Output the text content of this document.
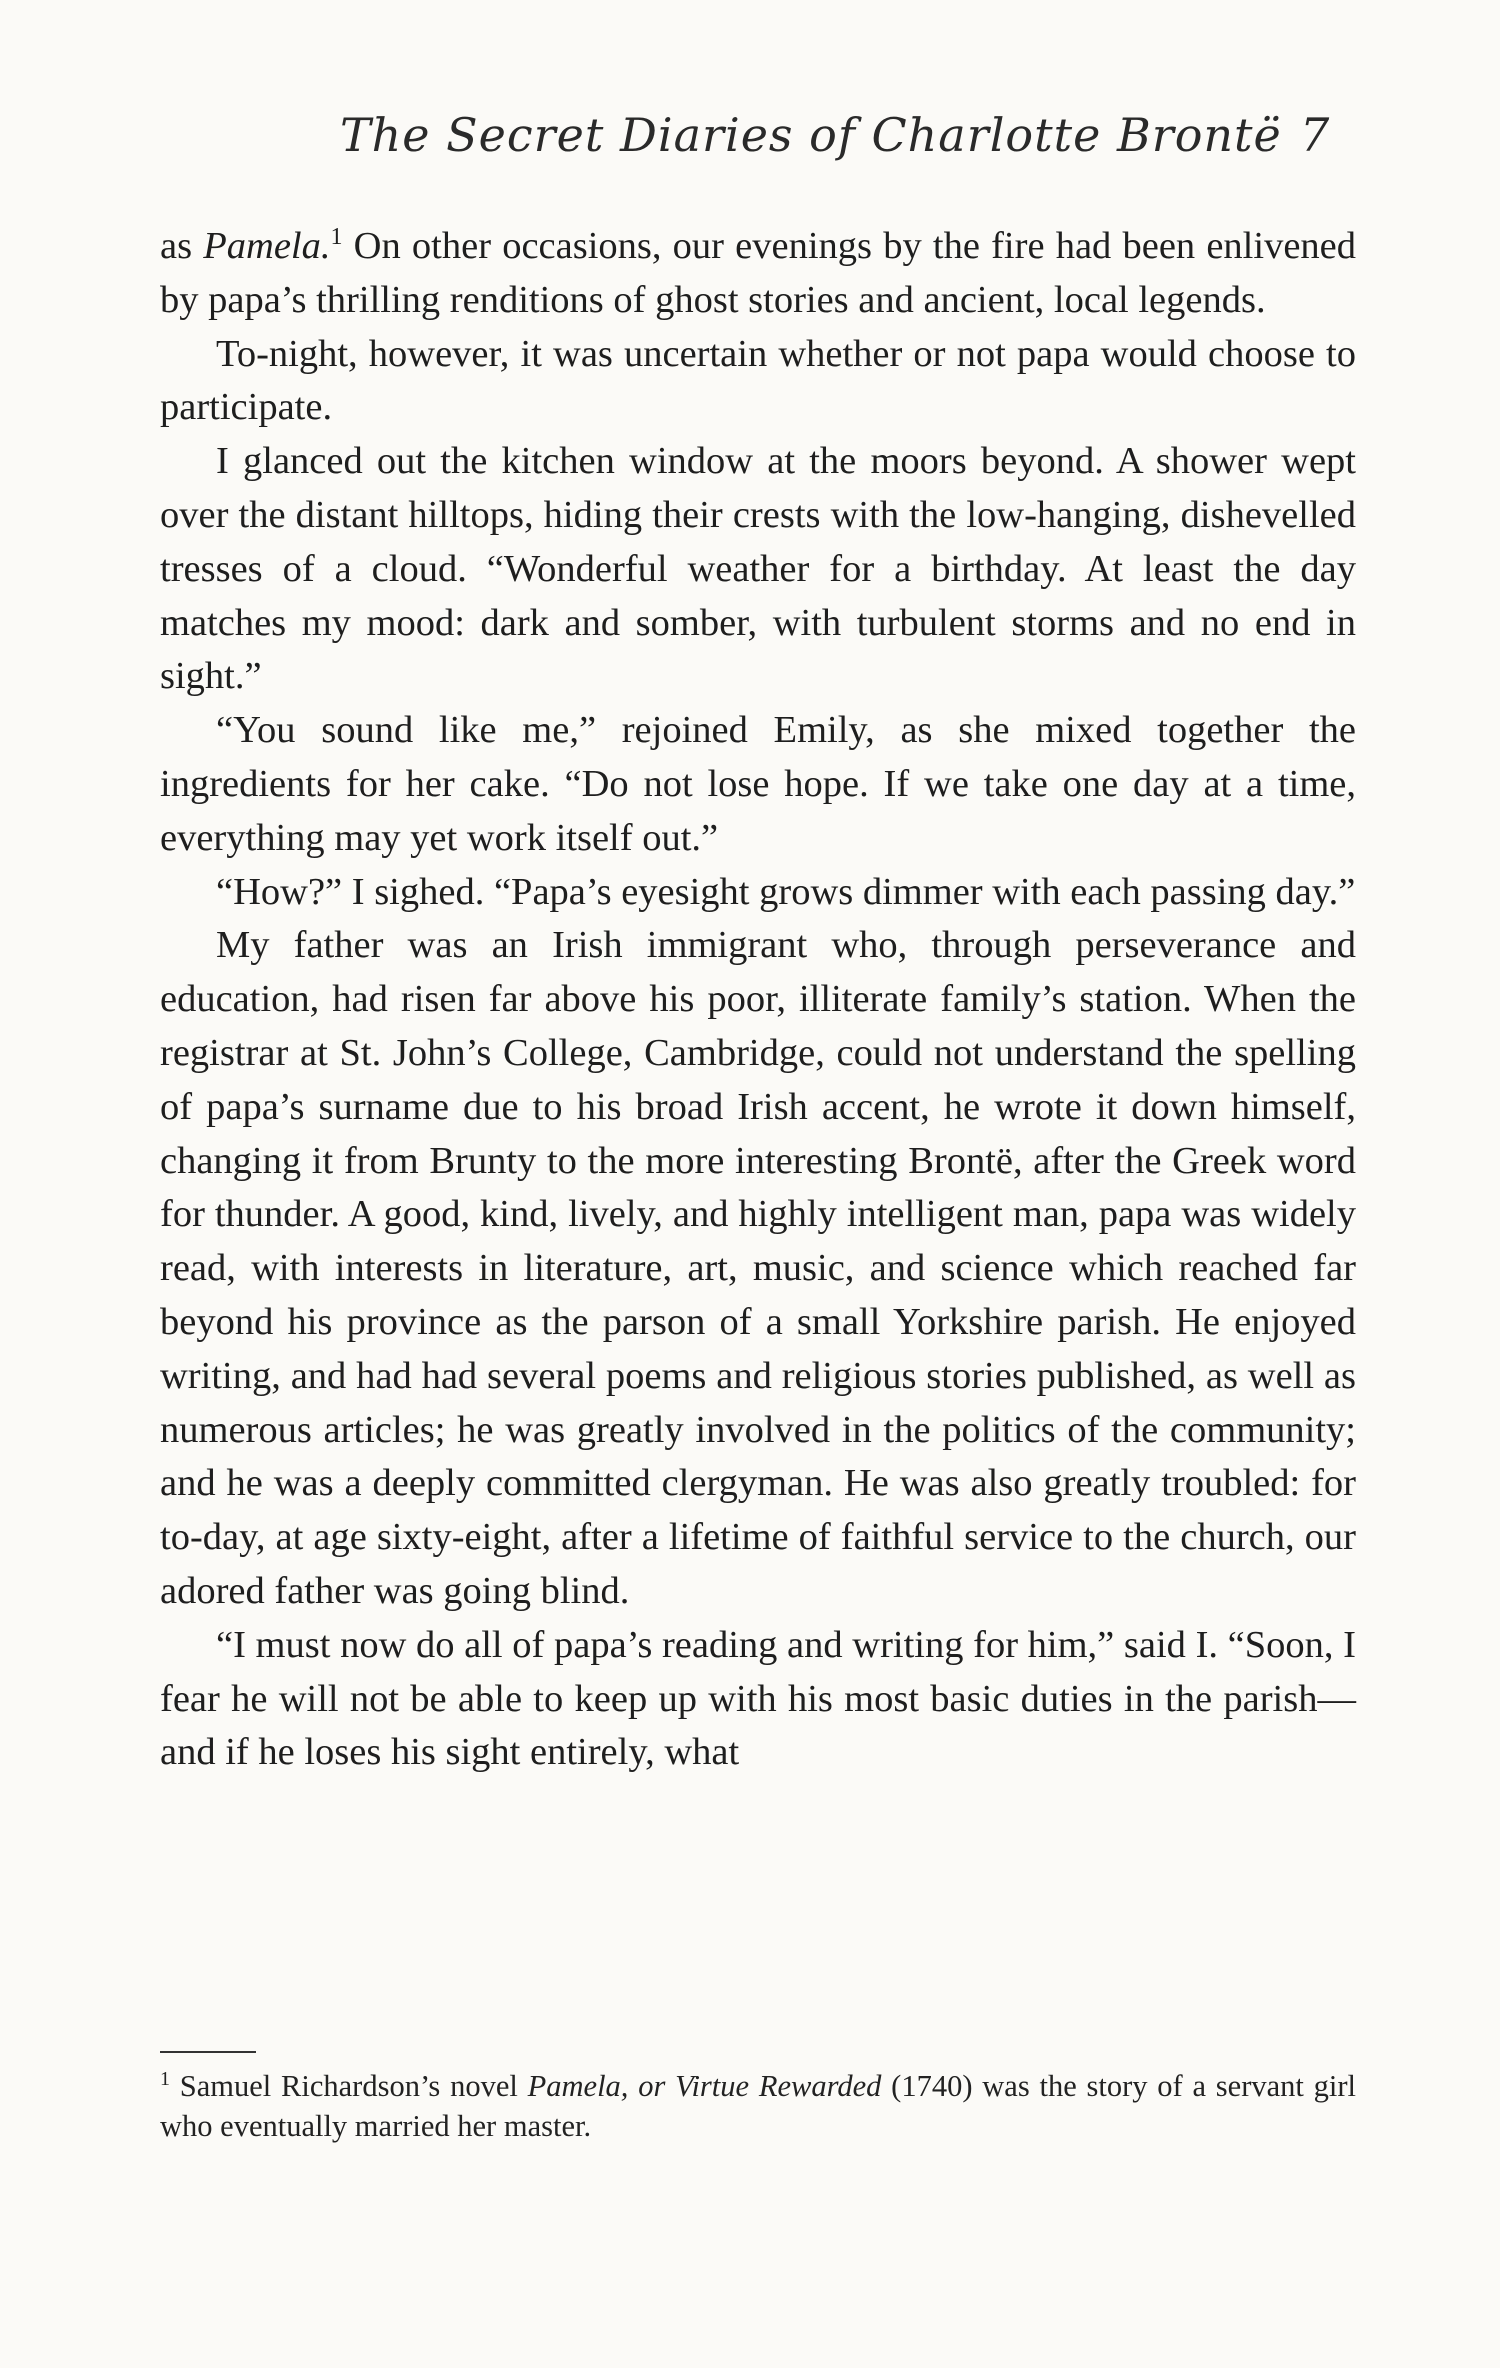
The Secret Diaries of Charlotte Brontë 7

as Pamela.$^1$ On other occasions, our evenings by the fire had been enlivened by papa’s thrilling renditions of ghost stories and ancient, local legends.

To-night, however, it was uncertain whether or not papa would choose to participate.

I glanced out the kitchen window at the moors beyond. A shower wept over the distant hilltops, hiding their crests with the low-hanging, dishevelled tresses of a cloud. “Wonderful weather for a birthday. At least the day matches my mood: dark and somber, with turbulent storms and no end in sight.”

“You sound like me,” rejoined Emily, as she mixed together the ingredients for her cake. “Do not lose hope. If we take one day at a time, everything may yet work itself out.”

“How?” I sighed. “Papa’s eyesight grows dimmer with each passing day.”

My father was an Irish immigrant who, through perseverance and education, had risen far above his poor, illiterate family’s station. When the registrar at St. John’s College, Cambridge, could not understand the spelling of papa’s surname due to his broad Irish accent, he wrote it down himself, changing it from Brunty to the more interesting Brontë, after the Greek word for thunder. A good, kind, lively, and highly intelligent man, papa was widely read, with interests in literature, art, music, and science which reached far beyond his province as the parson of a small Yorkshire parish. He enjoyed writing, and had had several poems and religious stories published, as well as numerous articles; he was greatly involved in the politics of the community; and he was a deeply committed clergyman. He was also greatly troubled: for to-day, at age sixty-eight, after a lifetime of faithful service to the church, our adored father was going blind.

“I must now do all of papa’s reading and writing for him,” said I. “Soon, I fear he will not be able to keep up with his most basic duties in the parish—and if he loses his sight entirely, what

$^1$ Samuel Richardson’s novel Pamela, or Virtue Rewarded (1740) was the story of a servant girl who eventually married her master.
